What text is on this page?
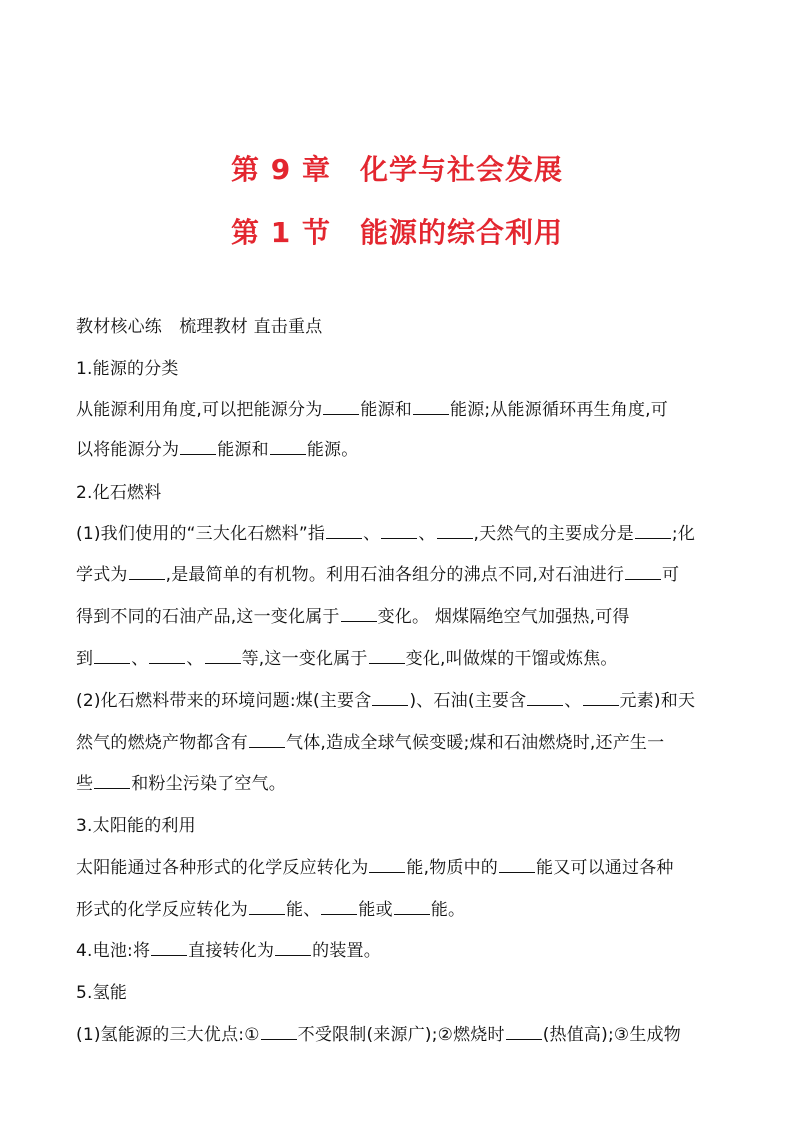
第 9 章　化学与社会发展
第 1 节　能源的综合利用
教材核心练　梳理教材 直击重点
1.能源的分类
从能源利用角度,可以把能源分为 能源和 能源;从能源循环再生角度,可
以将能源分为 能源和 能源。
2.化石燃料
(1)我们使用的“三大化石燃料”指 、 、 ,天然气的主要成分是 ;化
学式为 ,是最简单的有机物。利用石油各组分的沸点不同,对石油进行 可
得到不同的石油产品,这一变化属于 变化。 烟煤隔绝空气加强热,可得
到 、 、 等,这一变化属于 变化,叫做煤的干馏或炼焦。
(2)化石燃料带来的环境问题:煤(主要含 )、石油(主要含 、 元素)和天
然气的燃烧产物都含有 气体,造成全球气候变暖;煤和石油燃烧时,还产生一
些 和粉尘污染了空气。
3.太阳能的利用
太阳能通过各种形式的化学反应转化为 能,物质中的 能又可以通过各种
形式的化学反应转化为 能、 能或 能。
4.电池:将 直接转化为 的装置。
5.氢能
(1)氢能源的三大优点:① 不受限制(来源广);②燃烧时 (热值高);③生成物
